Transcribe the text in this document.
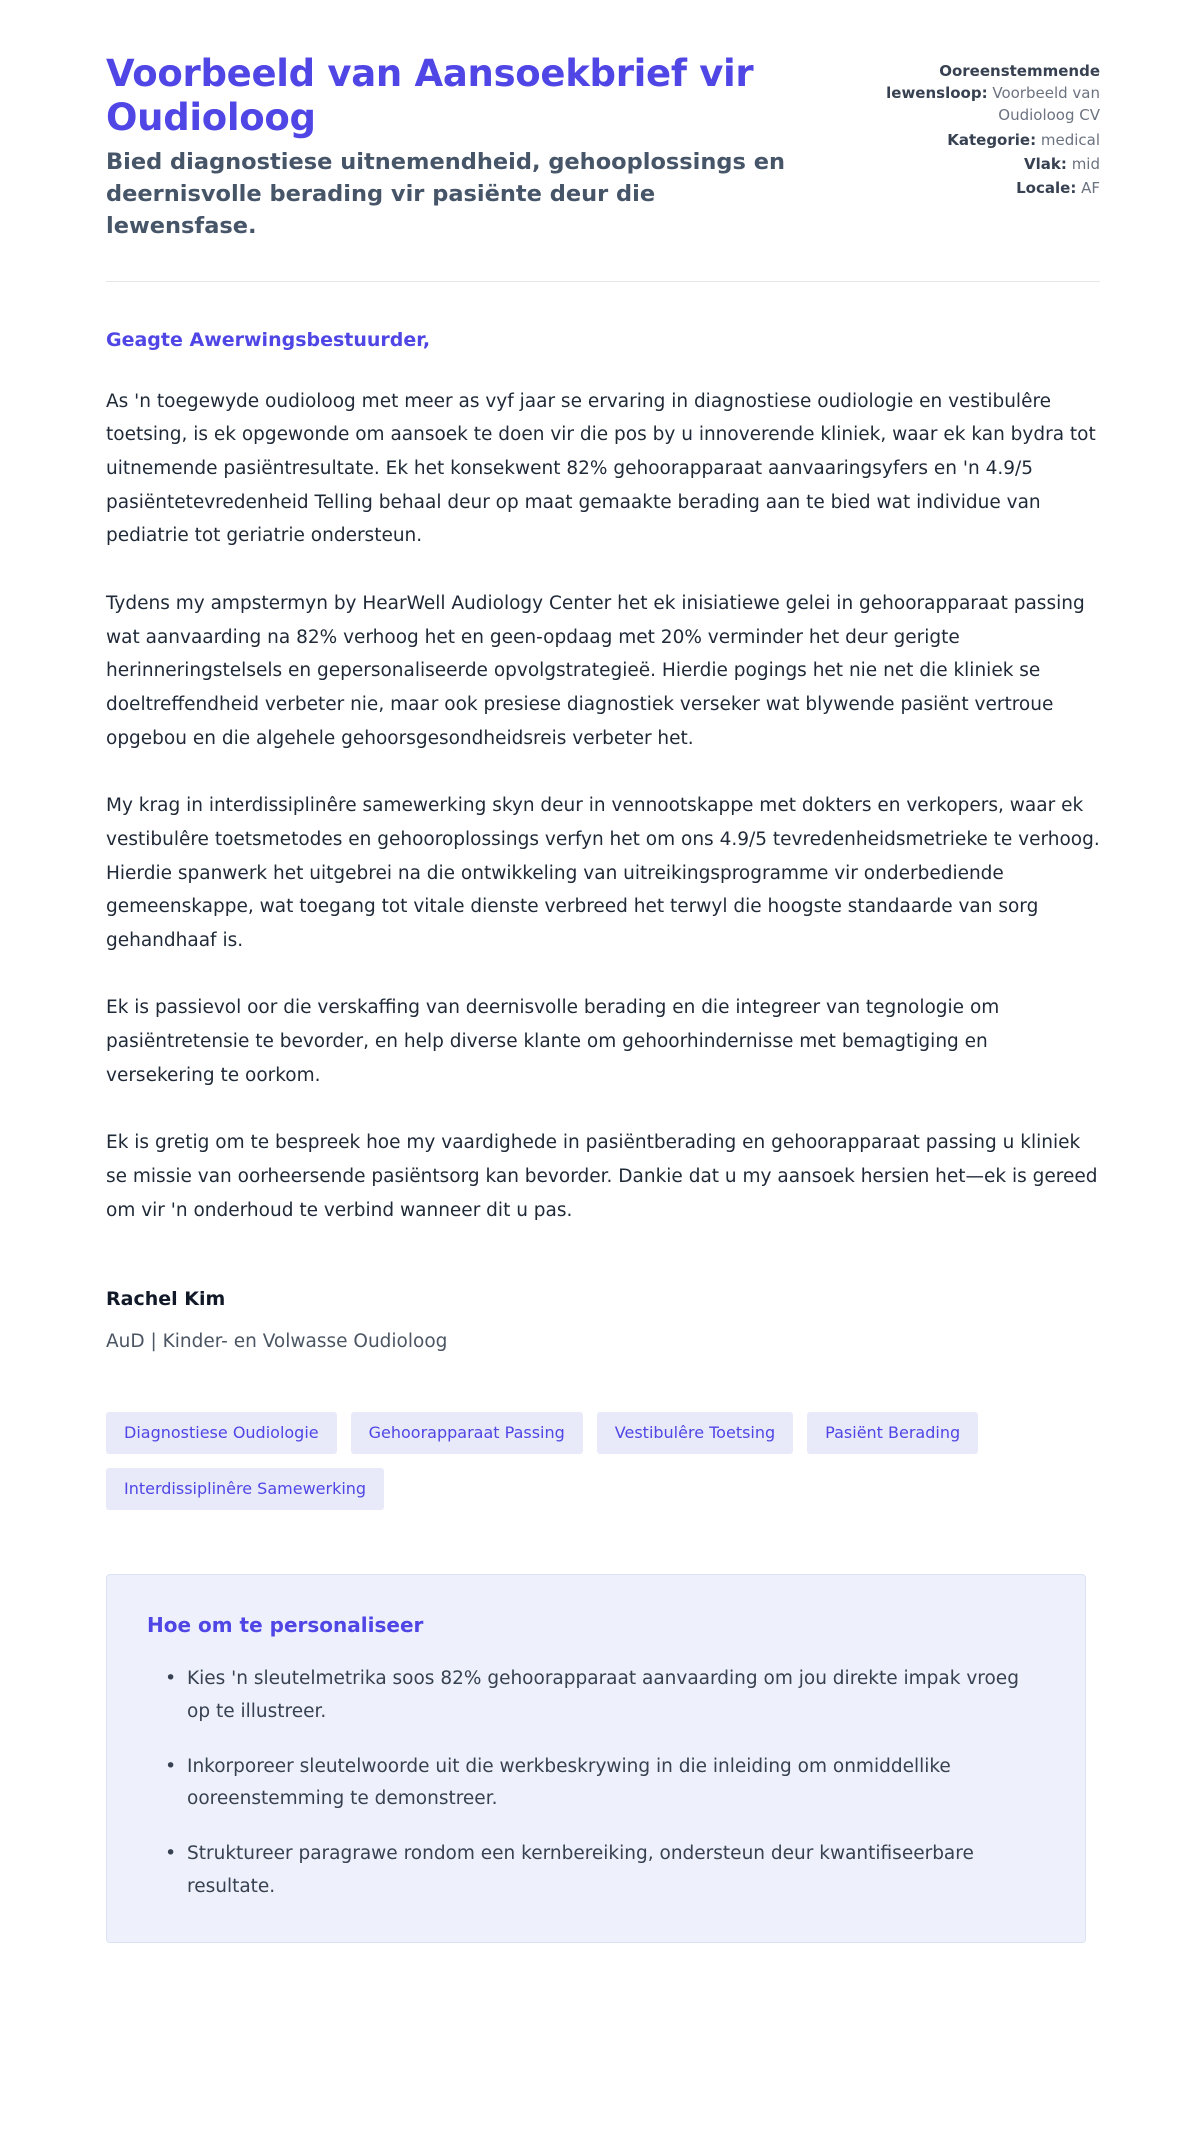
Voorbeeld van Aansoekbrief vir Oudioloog

Bied diagnostiese uitnemendheid, gehooplossings en deernisvolle berading vir pasiënte deur die lewensfase.

Ooreenstemmende lewensloop: Voorbeeld van Oudioloog CV
Kategorie: medical
Vlak: mid
Locale: AF

Geagte Awerwingsbestuurder,

As 'n toegewyde oudioloog met meer as vyf jaar se ervaring in diagnostiese oudiologie en vestibulêre toetsing, is ek opgewonde om aansoek te doen vir die pos by u innoverende kliniek, waar ek kan bydra tot uitnemende pasiëntresultate. Ek het konsekwent 82% gehoorapparaat aanvaaringsyfers en 'n 4.9/5 pasiëntetevredenheid Telling behaal deur op maat gemaakte berading aan te bied wat individue van pediatrie tot geriatrie ondersteun.

Tydens my ampstermyn by HearWell Audiology Center het ek inisiatiewe gelei in gehoorapparaat passing wat aanvaarding na 82% verhoog het en geen-opdaag met 20% verminder het deur gerigte herinneringstelsels en gepersonaliseerde opvolgstrategieë. Hierdie pogings het nie net die kliniek se doeltreffendheid verbeter nie, maar ook presiese diagnostiek verseker wat blywende pasiënt vertroue opgebou en die algehele gehoorsgesondheidsreis verbeter het.

My krag in interdissiplinêre samewerking skyn deur in vennootskappe met dokters en verkopers, waar ek vestibulêre toetsmetodes en gehooroplossings verfyn het om ons 4.9/5 tevredenheidsmetrieke te verhoog. Hierdie spanwerk het uitgebrei na die ontwikkeling van uitreikingsprogramme vir onderbediende gemeenskappe, wat toegang tot vitale dienste verbreed het terwyl die hoogste standaarde van sorg gehandhaaf is.

Ek is passievol oor die verskaffing van deernisvolle berading en die integreer van tegnologie om pasiëntretensie te bevorder, en help diverse klante om gehoorhindernisse met bemagtiging en versekering te oorkom.

Ek is gretig om te bespreek hoe my vaardighede in pasiëntberading en gehoorapparaat passing u kliniek se missie van oorheersende pasiëntsorg kan bevorder. Dankie dat u my aansoek hersien het—ek is gereed om vir 'n onderhoud te verbind wanneer dit u pas.

Rachel Kim

AuD | Kinder- en Volwasse Oudioloog

Diagnostiese Oudiologie	Gehoorapparaat Passing	Vestibulêre Toetsing	Pasiënt Berading
Interdissiplinêre Samewerking
Hoe om te personaliseer
• Kies 'n sleutelmetrika soos 82% gehoorapparaat aanvaarding om jou direkte impak vroeg op te illustreer.
• Inkorporeer sleutelwoorde uit die werkbeskrywing in die inleiding om onmiddellike ooreenstemming te demonstreer.
• Struktureer paragrawe rondom een kernbereiking, ondersteun deur kwantifiseerbare resultate.
